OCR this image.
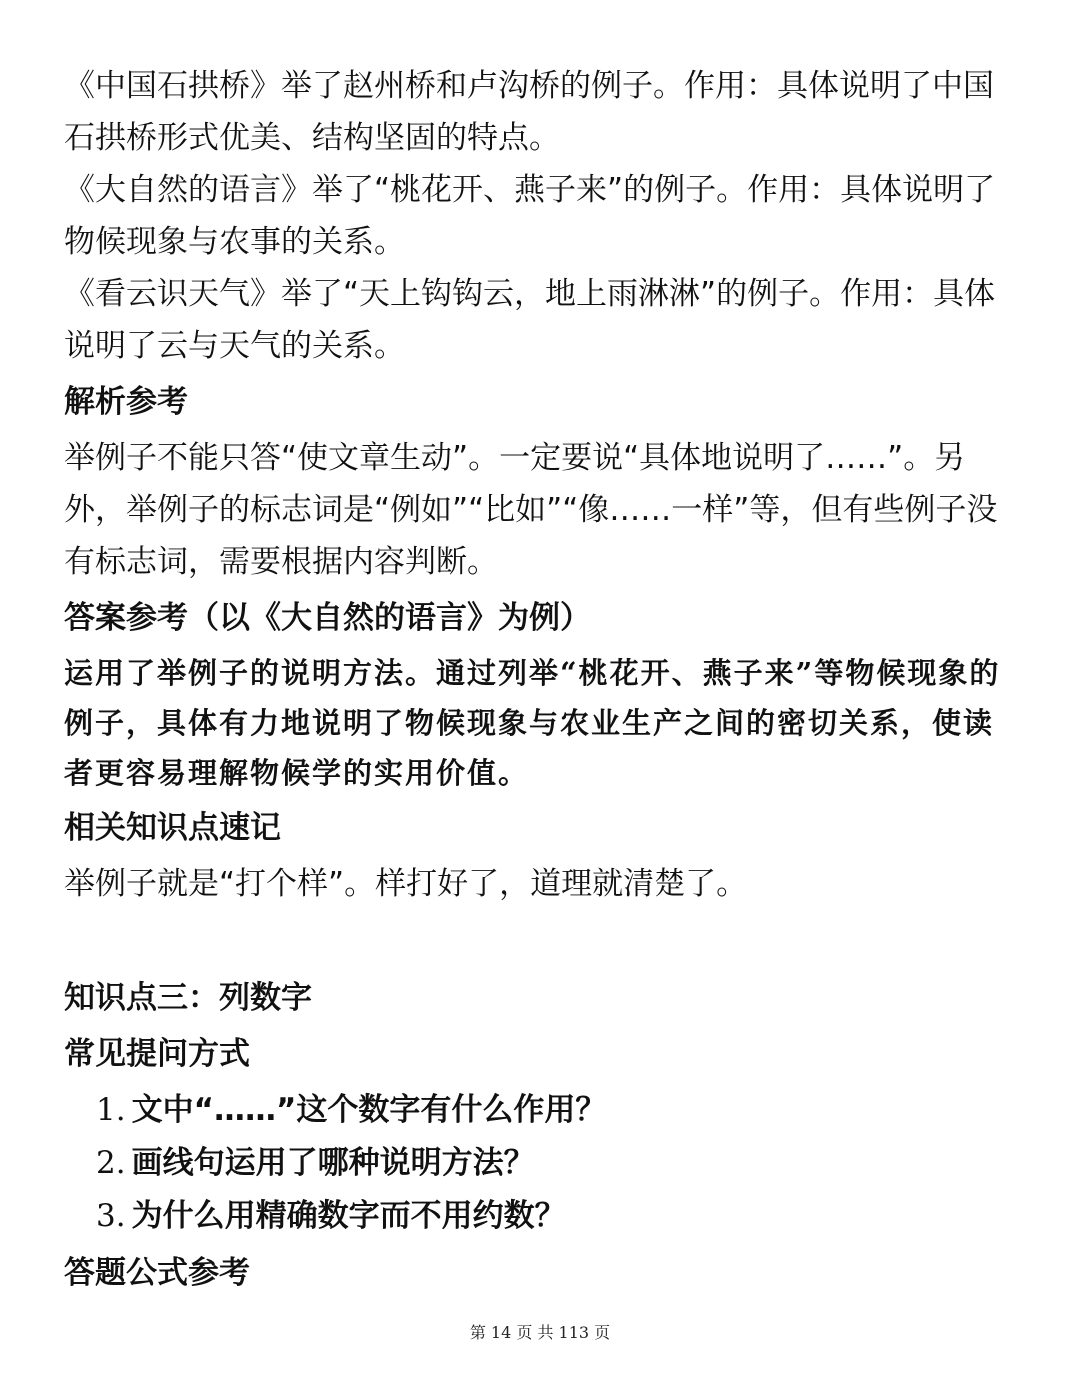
《中国石拱桥》举了赵州桥和卢沟桥的例子。作用：具体说明了中国石拱桥形式优美、结构坚固的特点。

《大自然的语言》举了“桃花开、燕子来”的例子。作用：具体说明了物候现象与农事的关系。

《看云识天气》举了“天上钩钩云，地上雨淋淋”的例子。作用：具体说明了云与天气的关系。

解析参考

举例子不能只答“使文章生动”。一定要说“具体地说明了……”。另外，举例子的标志词是“例如”“比如”“像……一样”等，但有些例子没有标志词，需要根据内容判断。

答案参考（以《大自然的语言》为例）

运用了举例子的说明方法。通过列举“桃花开、燕子来”等物候现象的例子，具体有力地说明了物候现象与农业生产之间的密切关系，使读者更容易理解物候学的实用价值。

相关知识点速记

举例子就是“打个样”。样打好了，道理就清楚了。

知识点三：列数字
常见提问方式
1. 文中“……”这个数字有什么作用？
2. 画线句运用了哪种说明方法？
3. 为什么用精确数字而不用约数？
答题公式参考
第 14 页 共 113 页
